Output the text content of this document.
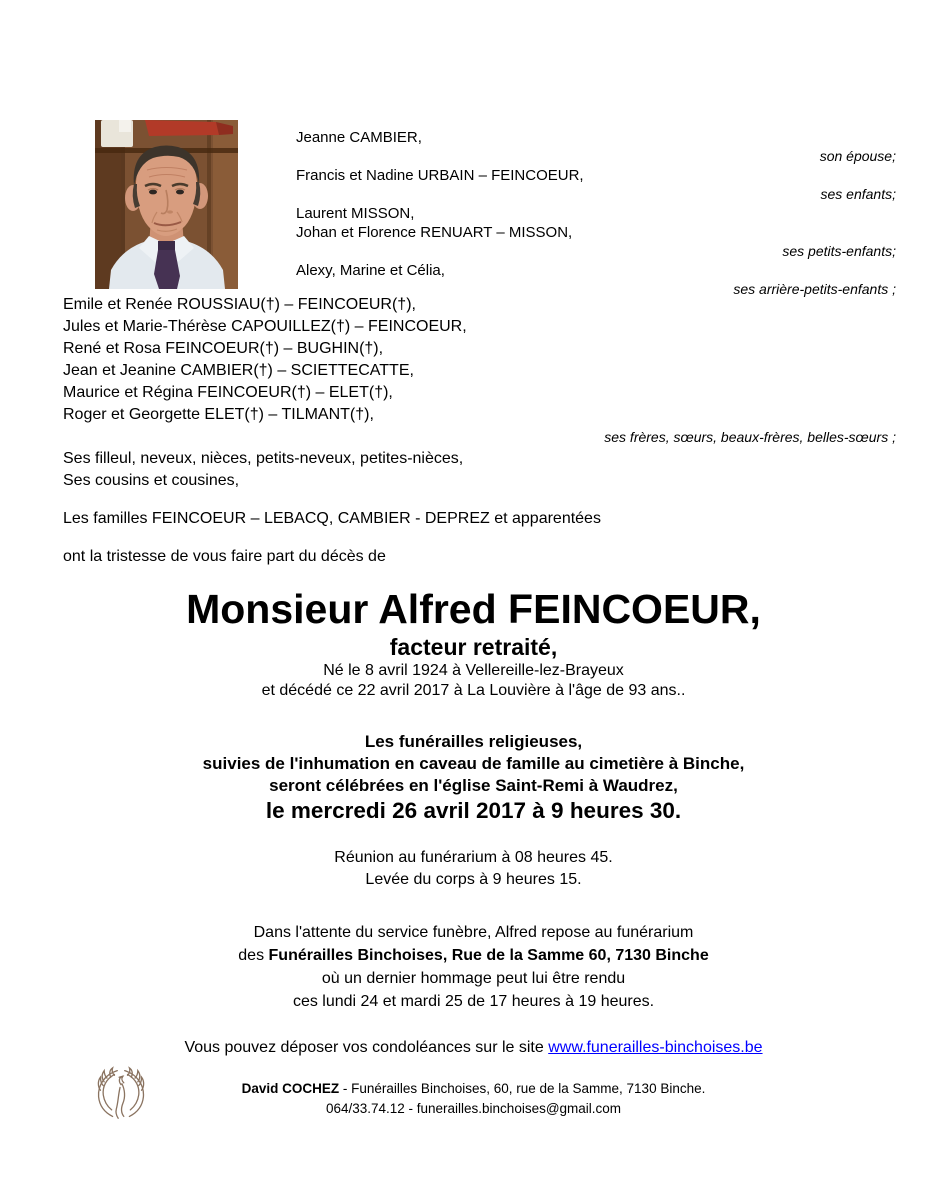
Jeanne CAMBIER,
son épouse;
Francis et Nadine URBAIN – FEINCOEUR,
ses enfants;
Laurent MISSON,
Johan et Florence RENUART – MISSON,
ses petits-enfants;
Alexy, Marine et Célia,
ses arrière-petits-enfants ;
Emile et Renée ROUSSIAU(†) – FEINCOEUR(†),
Jules et Marie-Thérèse CAPOUILLEZ(†) – FEINCOEUR,
René et Rosa FEINCOEUR(†) – BUGHIN(†),
Jean et Jeanine CAMBIER(†) – SCIETTECATTE,
Maurice et Régina FEINCOEUR(†) – ELET(†),
Roger et Georgette ELET(†) – TILMANT(†),
ses frères, sœurs, beaux-frères, belles-sœurs ;
Ses filleul, neveux, nièces, petits-neveux, petites-nièces,
Ses cousins et cousines,
Les familles FEINCOEUR – LEBACQ, CAMBIER - DEPREZ et apparentées
ont la tristesse de vous faire part du décès de
Monsieur Alfred FEINCOEUR,
facteur retraité,
Né le 8 avril 1924 à Vellereille-lez-Brayeux
et décédé ce 22 avril 2017 à La Louvière à l'âge de 93 ans..
Les funérailles religieuses,
suivies de l'inhumation en caveau de famille au cimetière à Binche,
seront célébrées en l'église Saint-Remi à Waudrez,
le mercredi 26 avril 2017 à 9 heures 30.
Réunion au funérarium à 08 heures 45.
Levée du corps à 9 heures 15.
Dans l'attente du service funèbre, Alfred repose au funérarium
des Funérailles Binchoises, Rue de la Samme 60, 7130 Binche
où un dernier hommage peut lui être rendu
ces lundi 24 et mardi 25 de 17 heures à 19 heures.
Vous pouvez déposer vos condoléances sur le site www.funerailles-binchoises.be
David COCHEZ - Funérailles Binchoises, 60, rue de la Samme, 7130 Binche.
064/33.74.12 - funerailles.binchoises@gmail.com
